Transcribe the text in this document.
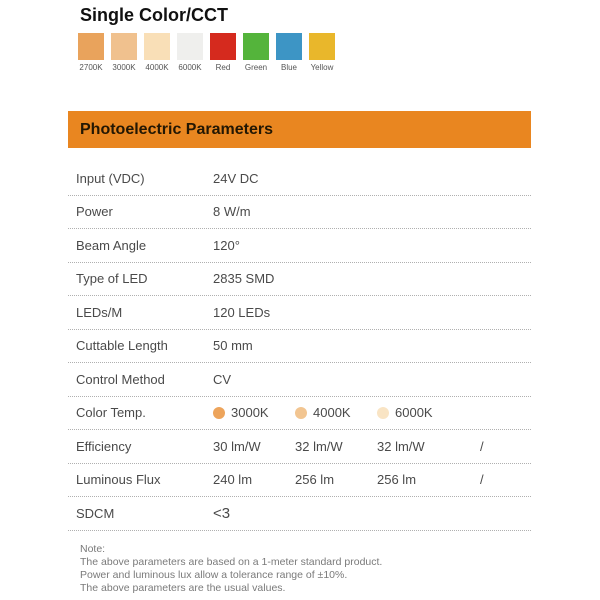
Single Color/CCT
2700K 3000K 4000K 6000K Red Green Blue Yellow
Photoelectric Parameters
Input (VDC)	24V DC
Power	8 W/m
Beam Angle	120°
Type of LED	2835 SMD
LEDs/M	120 LEDs
Cuttable Length	50 mm
Control Method	CV
Color Temp.	3000K	4000K	6000K
Efficiency	30 lm/W	32 lm/W	32 lm/W	/
Luminous Flux	240 lm	256 lm	256 lm	/
SDCM	<3
Note:
The above parameters are based on a 1-meter standard product.
Power and luminous lux allow a tolerance range of ±10%.
The above parameters are the usual values.
